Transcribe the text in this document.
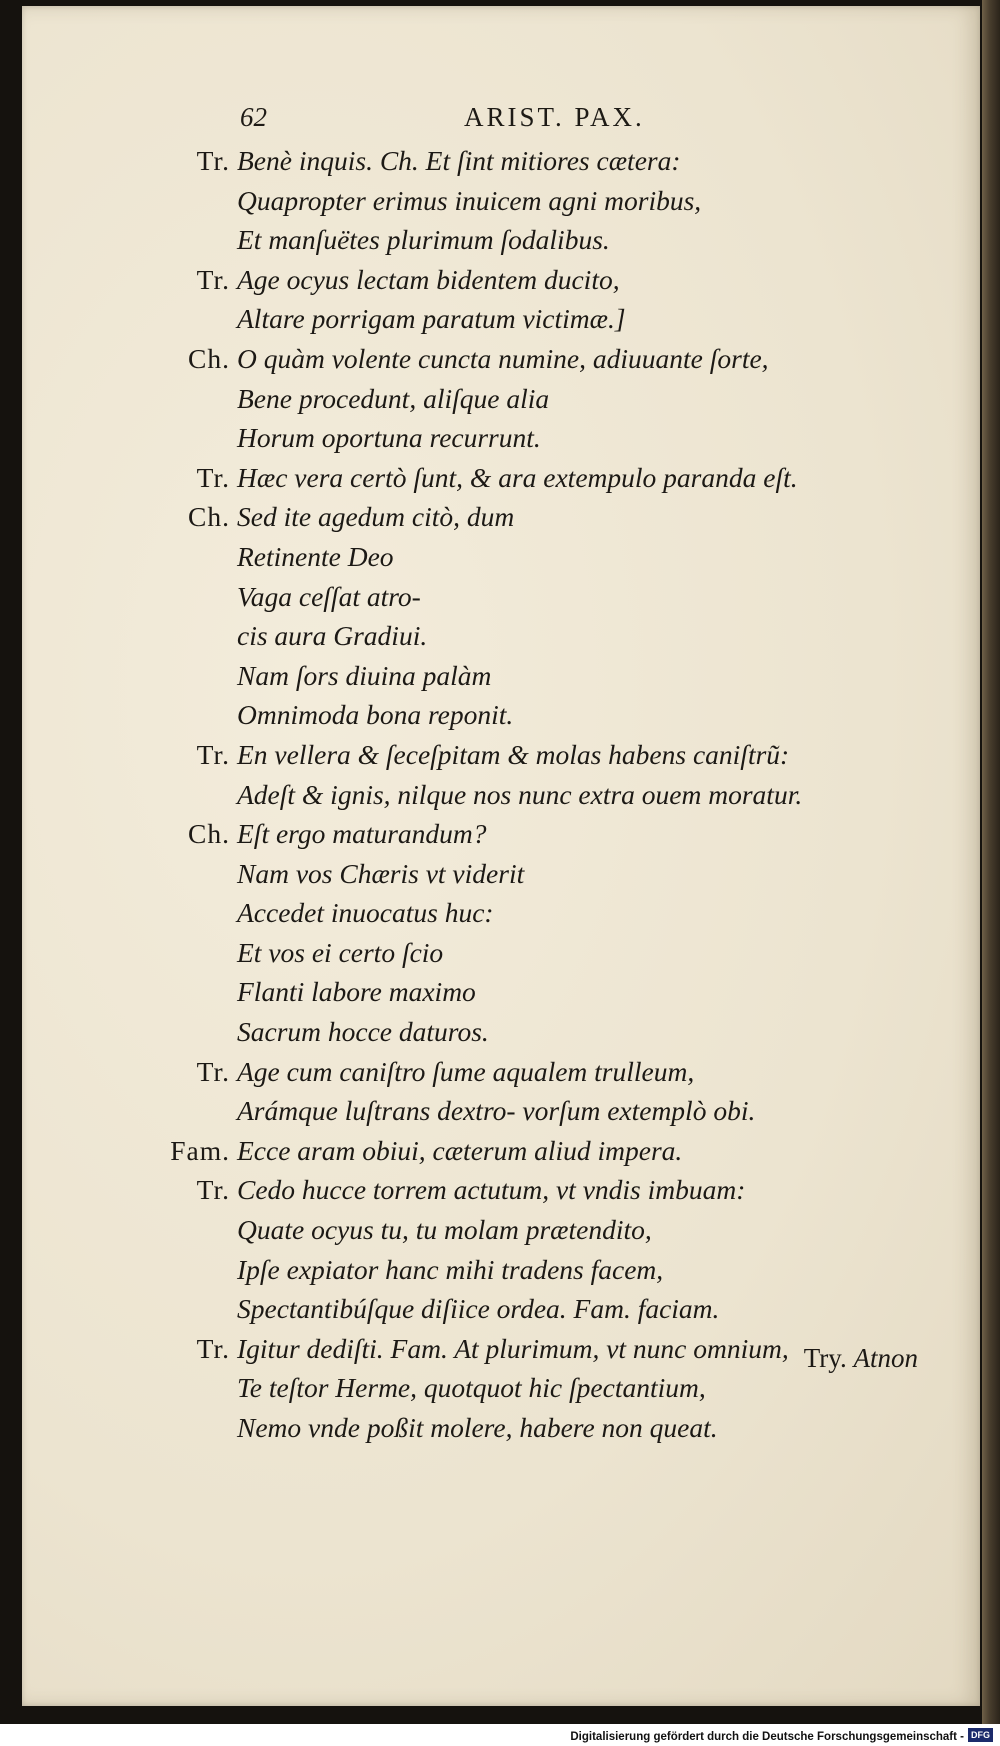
62	ARIST. PAX.
Tr. Benè inquis. Ch. Et ſint mitiores cætera:
Quapropter erimus inuicem agni moribus,
Et manſuëtes plurimum ſodalibus.
Tr. Age ocyus lectam bidentem ducito,
Altare porrigam paratum victimæ.]
Ch. O quàm volente cuncta numine, adiuuante ſorte,
Bene procedunt, aliſque alia
Horum oportuna recurrunt.
Tr. Hæc vera certò ſunt, & ara extempulo paranda eſt.
Ch. Sed ite agedum citò, dum
Retinente Deo
Vaga ceſſat atro-
cis aura Gradiui.
Nam ſors diuina palàm
Omnimoda bona reponit.
Tr. En vellera & ſeceſpitam & molas habens caniſtrũ:
Adeſt & ignis, nilque nos nunc extra ouem moratur.
Ch. Eſt ergo maturandum?
Nam vos Chæris vt viderit
Accedet inuocatus huc:
Et vos ei certo ſcio
Flanti labore maximo
Sacrum hocce daturos.
Tr. Age cum caniſtro ſume aqualem trulleum,
Arámque luſtrans dextro- vorſum extemplò obi.
Fam. Ecce aram obiui, cæterum aliud impera.
Tr. Cedo hucce torrem actutum, vt vndis imbuam:
Quate ocyus tu, tu molam prætendito,
Ipſe expiator hanc mihi tradens facem,
Spectantibúſque diſiice ordea. Fam. faciam.
Tr. Igitur dediſti. Fam. At plurimum, vt nunc omnium,
Te teſtor Herme, quotquot hic ſpectantium,
Nemo vnde poßit molere, habere non queat.
Try. Atnon
Digitalisierung gefördert durch die Deutsche Forschungsgemeinschaft - DFG
